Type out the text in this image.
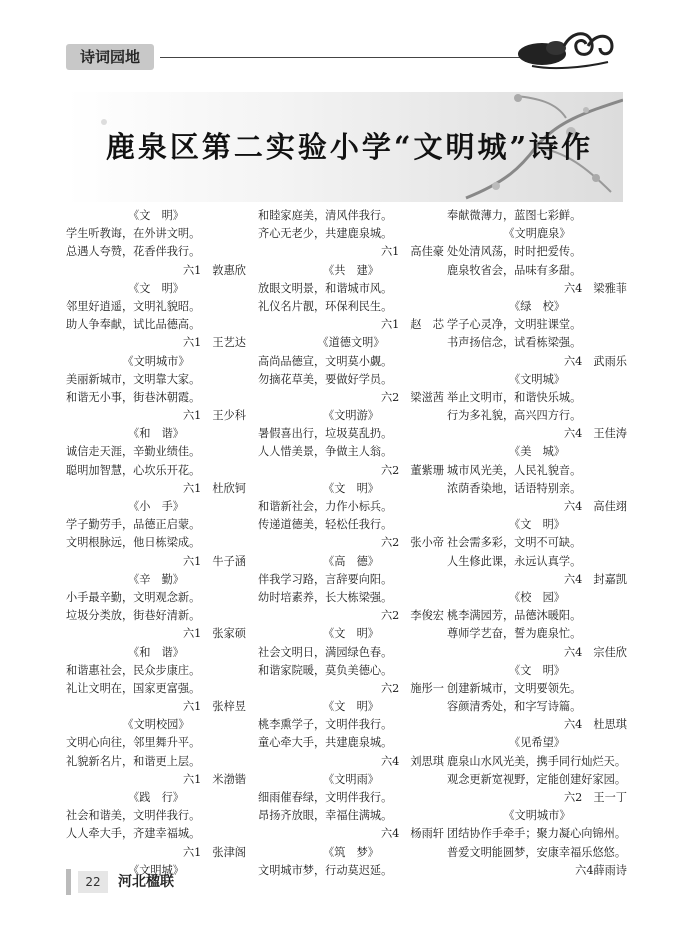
诗词园地
鹿泉区第二实验小学“文明城”诗作
《文　明》
学生听教诲，在外讲文明。
总遇人夸赞，花香伴我行。
六1　敦惠欣
《文　明》
邻里好逍遥，文明礼貌昭。
助人争奉献，试比品德高。
六1　王艺达
《文明城市》
美丽新城市，文明靠大家。
和谐无小事，街巷沐朝霞。
六1　王少科
《和　谐》
诚信走天涯，辛勤业绩佳。
聪明加智慧，心坎乐开花。
六1　杜欣钶
《小　手》
学子勤劳手，品德正启蒙。
文明根脉远，他日栋梁成。
六1　牛子涵
《辛　勤》
小手最辛勤，文明观念新。
垃圾分类放，街巷好清新。
六1　张家硕
《和　谐》
和谐惠社会，民众步康庄。
礼让文明在，国家更富强。
六1　张梓昱
《文明校园》
文明心向往，邻里舞升平。
礼貌新名片，和谐更上层。
六1　米渤锴
《践　行》
社会和谐美，文明伴我行。
人人牵大手，齐建幸福城。
六1　张津阁
《文明城》
和睦家庭美，清风伴我行。
齐心无老少，共建鹿泉城。
六1　高佳豪
《共　建》
放眼文明景，和谐城市风。
礼仪名片靓，环保利民生。
六1　赵　芯
《道德文明》
高尚品德宣，文明莫小觑。
勿摘花草美，要做好学员。
六2　梁滋茜
《文明游》
暑假喜出行，垃圾莫乱扔。
人人惜美景，争做主人翁。
六2　董紫珊
《文　明》
和谐新社会，力作小标兵。
传递道德美，轻松任我行。
六2　张小帝
《高　德》
伴我学习路，言辞要向阳。
幼时培素养，长大栋梁强。
六2　李俊宏
《文　明》
社会文明日，满园绿色春。
和谐家院暖，莫负美德心。
六2　施彤一
《文　明》
桃李熏学子，文明伴我行。
童心牵大手，共建鹿泉城。
六4　刘思琪
《文明雨》
细雨催春绿，文明伴我行。
昂扬齐放眼，幸福住满城。
六4　杨雨轩
《筑　梦》
文明城市梦，行动莫迟延。
奉献微薄力，蓝图七彩鲜。
《文明鹿泉》
处处清风荡，时时把爱传。
鹿泉牧省会，品味有多甜。
六4　梁雅菲
《绿　校》
学子心灵净，文明驻课堂。
书声扬信念，试看栋梁强。
六4　武雨乐
《文明城》
举止文明市，和谐快乐城。
行为多礼貌，高兴四方行。
六4　王佳涛
《美　城》
城市风光美，人民礼貌音。
浓荫香染地，话语特别亲。
六4　高佳翊
《文　明》
社会需多彩，文明不可缺。
人生修此课，永远认真学。
六4　封嘉凯
《校　园》
桃李满园芳，品德沐暖阳。
尊师学艺奋，誓为鹿泉忙。
六4　宗佳欣
《文　明》
创建新城市，文明要领先。
容颜清秀处，和字写诗篇。
六4　杜思琪
《见希望》
鹿泉山水风光美，携手同行灿烂天。
观念更新宽视野，定能创建好家园。
六2　王一丁
《文明城市》
团结协作手牵手；聚力凝心向锦州。
普爱文明能圆梦，安康幸福乐悠悠。
六4薛雨诗
22	河北楹联
